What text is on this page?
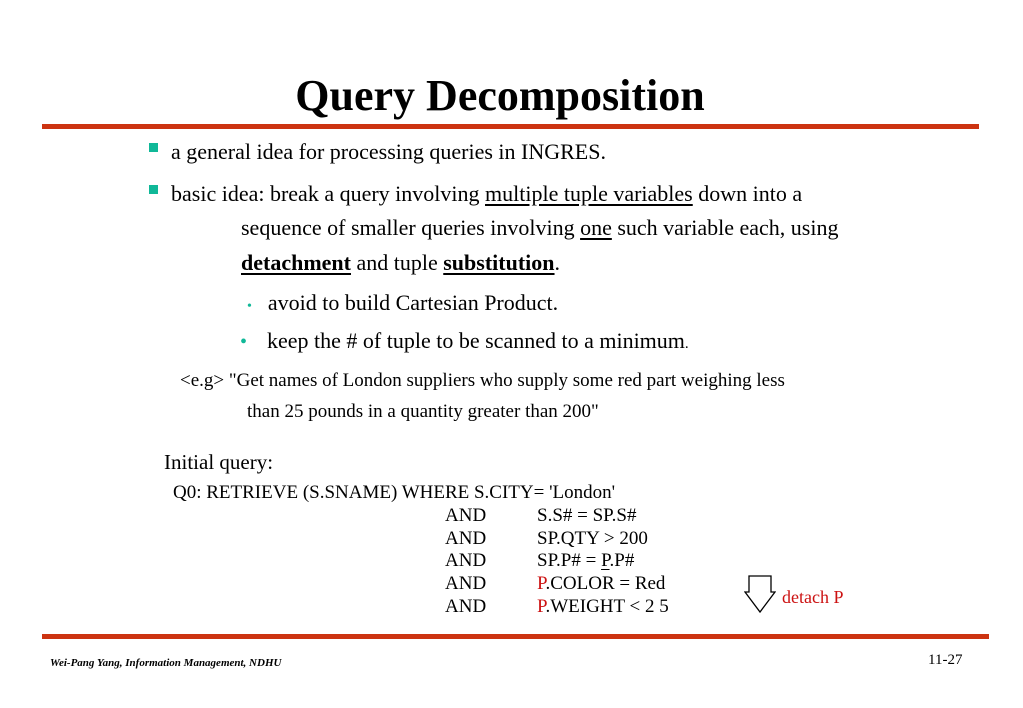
Query Decomposition
a general idea for processing queries in INGRES.
basic idea: break a query involving multiple tuple variables down into a
sequence of smaller queries involving one such variable each, using
detachment and tuple substitution.
• avoid to build Cartesian Product.
• keep the # of tuple to be scanned to a minimum.
<e.g> "Get names of London suppliers who supply some red part weighing less
than 25 pounds in a quantity greater than 200"
Initial query:
Q0: RETRIEVE (S.SNAME) WHERE S.CITY= 'London'
AND	S.S# = SP.S#
AND	SP.QTY > 200
AND	SP.P# = P.P#
AND	P.COLOR = Red
AND	P.WEIGHT < 2 5	detach P
Wei-Pang Yang, Information Management, NDHU	11-27
